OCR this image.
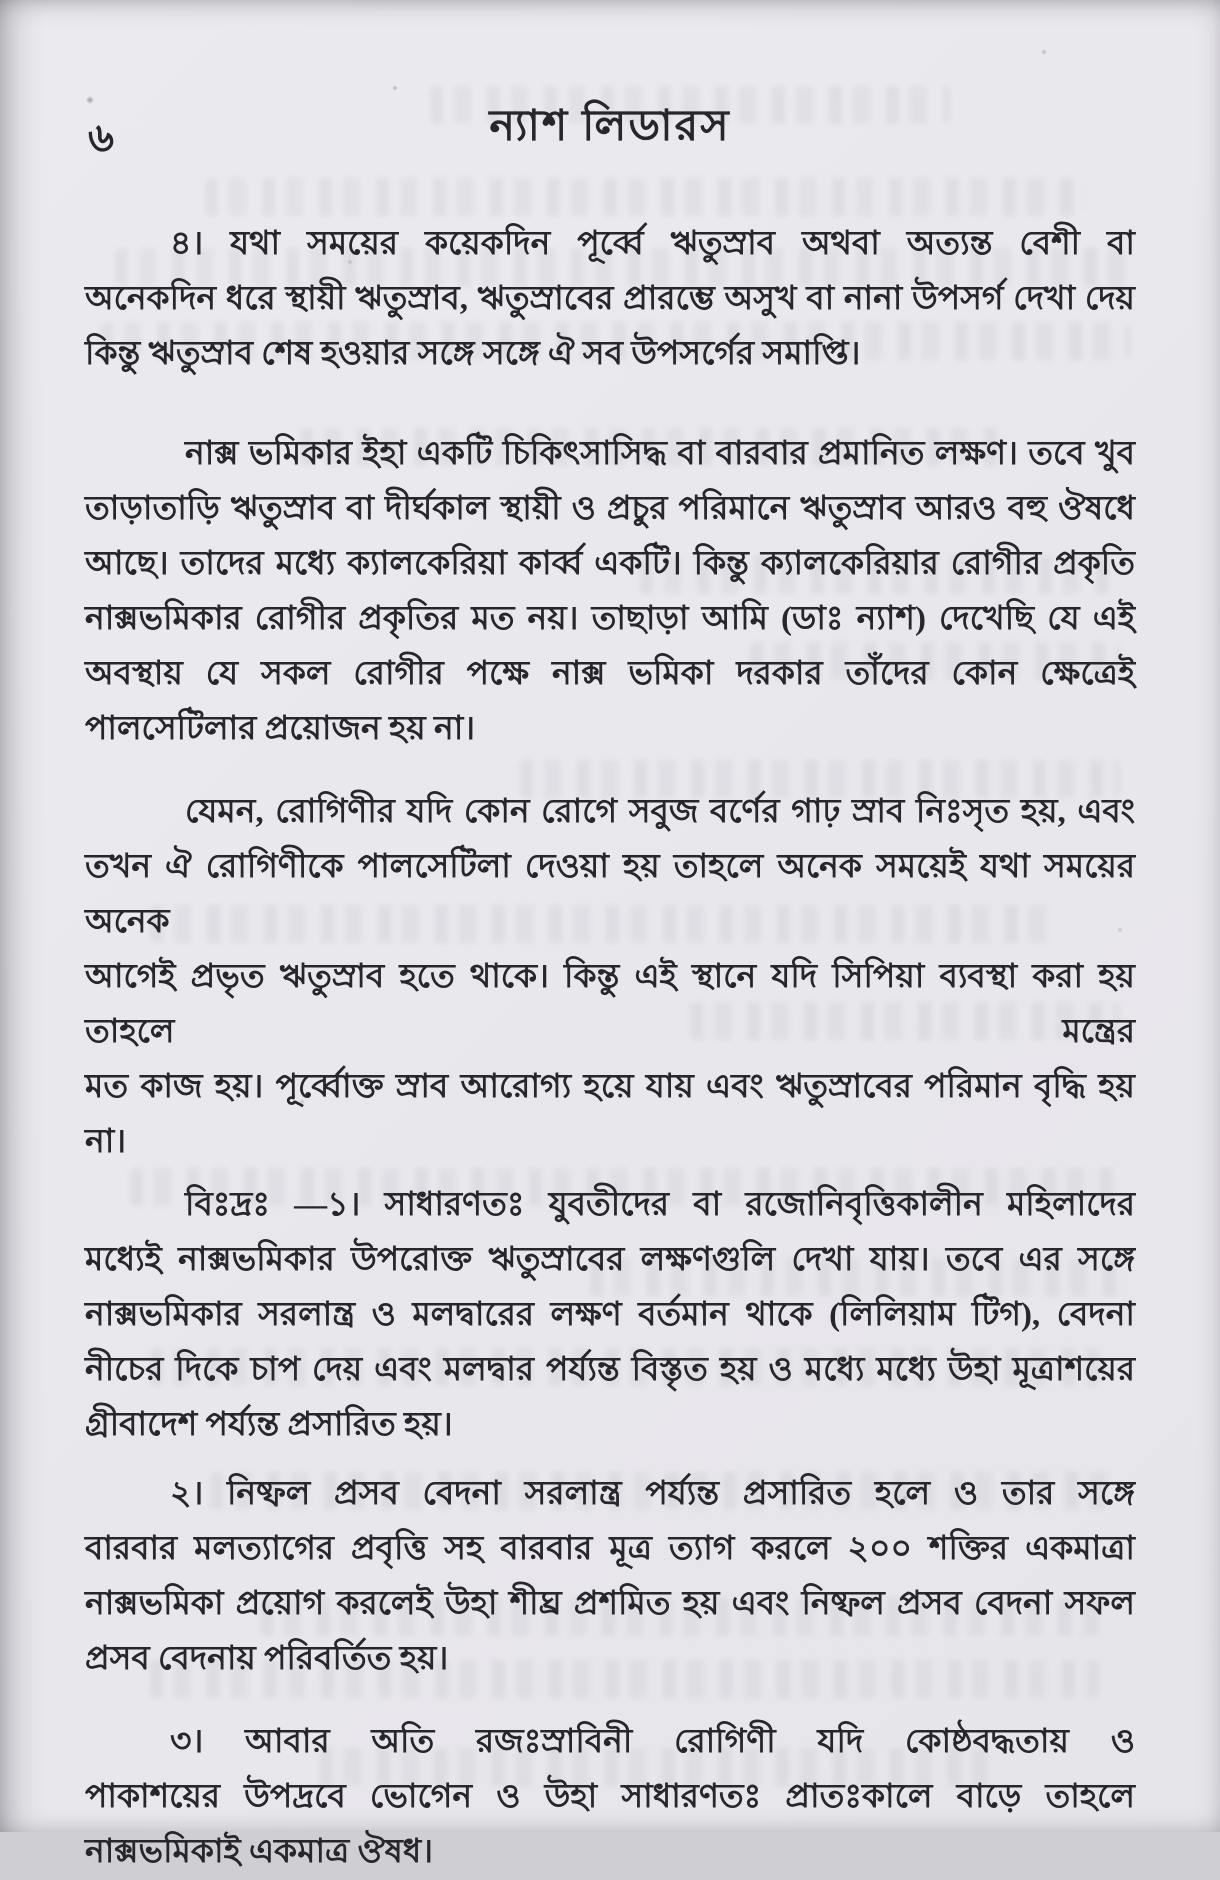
৬	ন্যাশ লিডারস

৪। যথা সময়ের কয়েকদিন পূর্ব্বে ঋতুস্রাব অথবা অত্যন্ত বেশী বা
অনেকদিন ধরে স্থায়ী ঋতুস্রাব, ঋতুস্রাবের প্রারম্ভে অসুখ বা নানা উপসর্গ দেখা দেয়
কিন্তু ঋতুস্রাব শেষ হওয়ার সঙ্গে সঙ্গে ঐ সব উপসর্গের সমাপ্তি।

নাক্স ভমিকার ইহা একটি চিকিৎসাসিদ্ধ বা বারবার প্রমানিত লক্ষণ। তবে খুব
তাড়াতাড়ি ঋতুস্রাব বা দীর্ঘকাল স্থায়ী ও প্রচুর পরিমানে ঋতুস্রাব আরও বহু ঔষধে
আছে। তাদের মধ্যে ক্যালকেরিয়া কার্ব্ব একটি। কিন্তু ক্যালকেরিয়ার রোগীর প্রকৃতি
নাক্সভমিকার রোগীর প্রকৃতির মত নয়। তাছাড়া আমি (ডাঃ ন্যাশ) দেখেছি যে এই
অবস্থায় যে সকল রোগীর পক্ষে নাক্স ভমিকা দরকার তাঁদের কোন ক্ষেত্রেই
পালসেটিলার প্রয়োজন হয় না।

যেমন, রোগিণীর যদি কোন রোগে সবুজ বর্ণের গাঢ় স্রাব নিঃসৃত হয়, এবং
তখন ঐ রোগিণীকে পালসেটিলা দেওয়া হয় তাহলে অনেক সময়েই যথা সময়ের অনেক
আগেই প্রভৃত ঋতুস্রাব হতে থাকে। কিন্তু এই স্থানে যদি সিপিয়া ব্যবস্থা করা হয় তাহলে মন্ত্রের
মত কাজ হয়। পূর্ব্বোক্ত স্রাব আরোগ্য হয়ে যায় এবং ঋতুস্রাবের পরিমান বৃদ্ধি হয় না।

বিঃদ্রঃ —১। সাধারণতঃ যুবতীদের বা রজোনিবৃত্তিকালীন মহিলাদের
মধ্যেই নাক্সভমিকার উপরোক্ত ঋতুস্রাবের লক্ষণগুলি দেখা যায়। তবে এর সঙ্গে
নাক্সভমিকার সরলান্ত্র ও মলদ্বারের লক্ষণ বর্তমান থাকে (লিলিয়াম টিগ), বেদনা
নীচের দিকে চাপ দেয় এবং মলদ্বার পর্য্যন্ত বিস্তৃত হয় ও মধ্যে মধ্যে উহা মূত্রাশয়ের
গ্রীবাদেশ পর্য্যন্ত প্রসারিত হয়।

২। নিষ্ফল প্রসব বেদনা সরলান্ত্র পর্য্যন্ত প্রসারিত হলে ও তার সঙ্গে
বারবার মলত্যাগের প্রবৃত্তি সহ বারবার মূত্র ত্যাগ করলে ২০০ শক্তির একমাত্রা
নাক্সভমিকা প্রয়োগ করলেই উহা শীঘ্র প্রশমিত হয় এবং নিষ্ফল প্রসব বেদনা সফল
প্রসব বেদনায় পরিবর্তিত হয়।

৩। আবার অতি রজঃস্রাবিনী রোগিণী যদি কোষ্ঠবদ্ধতায় ও
পাকাশয়ের উপদ্রবে ভোগেন ও উহা সাধারণতঃ প্রাতঃকালে বাড়ে তাহলে
নাক্সভমিকাই একমাত্র ঔষধ।
